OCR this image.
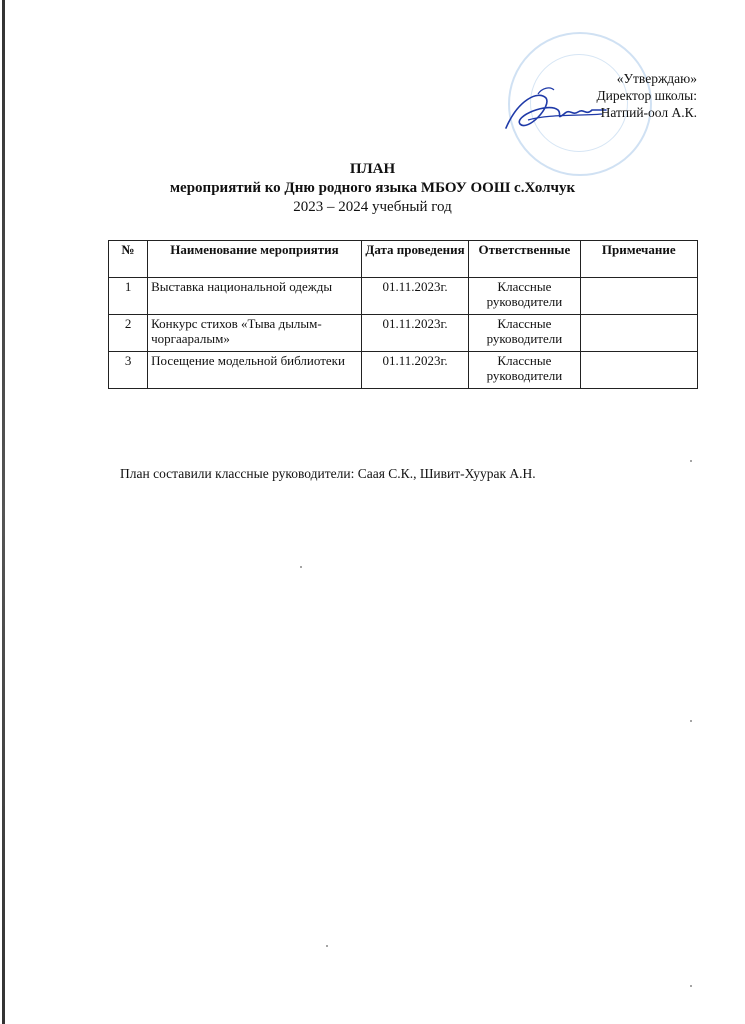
«Утверждаю»
Директор школы:
Натпий-оол А.К.
ПЛАН
мероприятий ко Дню родного языка МБОУ ООШ с.Холчук
2023 – 2024 учебный год
№	Наименование мероприятия	Дата проведения	Ответственные	Примечание
1	Выставка национальной одежды	01.11.2023г.	Классные руководители	
2	Конкурс стихов «Тыва дылым-чоргааралым»	01.11.2023г.	Классные руководители	
3	Посещение модельной библиотеки	01.11.2023г.	Классные руководители	
План составили классные руководители: Саая С.К., Шивит-Хуурак А.Н.
